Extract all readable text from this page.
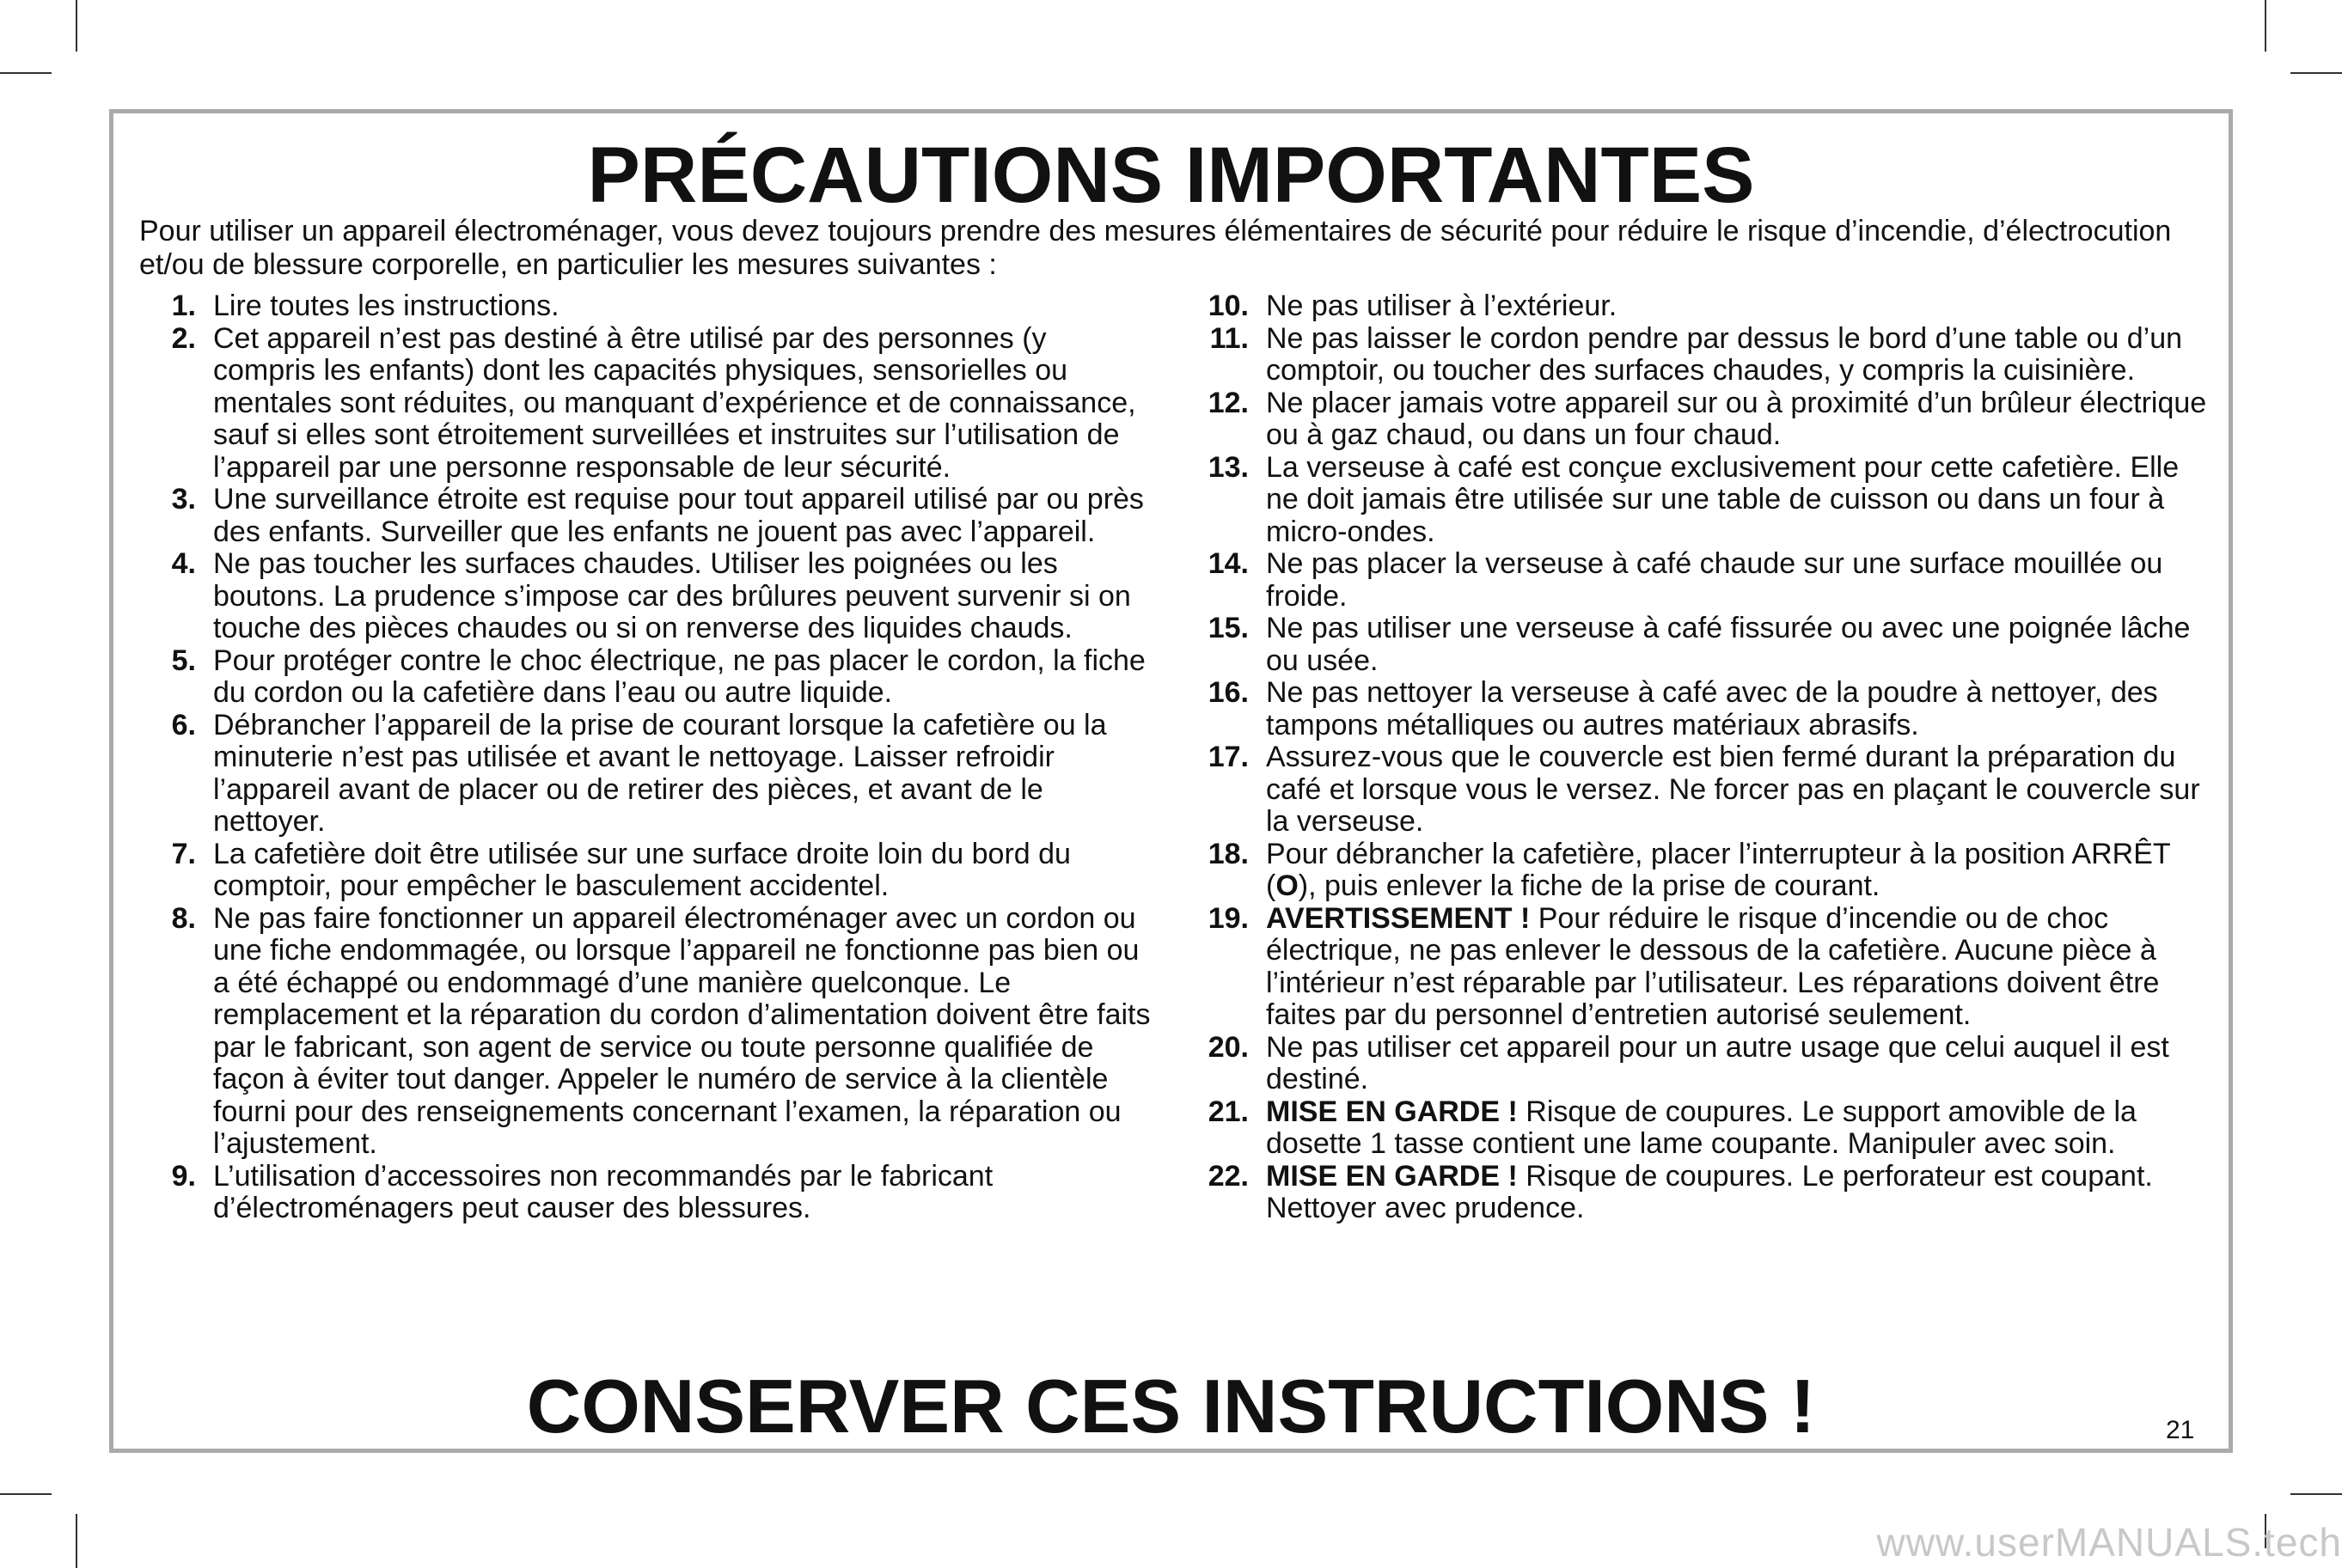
PRÉCAUTIONS IMPORTANTES

Pour utiliser un appareil électroménager, vous devez toujours prendre des mesures élémentaires de sécurité pour réduire le risque d’incendie, d’électrocution et/ou de blessure corporelle, en particulier les mesures suivantes :

1. Lire toutes les instructions.
2. Cet appareil n’est pas destiné à être utilisé par des personnes (y compris les enfants) dont les capacités physiques, sensorielles ou mentales sont réduites, ou manquant d’expérience et de connaissance, sauf si elles sont étroitement surveillées et instruites sur l’utilisation de l’appareil par une personne responsable de leur sécurité.
3. Une surveillance étroite est requise pour tout appareil utilisé par ou près des enfants. Surveiller que les enfants ne jouent pas avec l’appareil.
4. Ne pas toucher les surfaces chaudes. Utiliser les poignées ou les boutons. La prudence s’impose car des brûlures peuvent survenir si on touche des pièces chaudes ou si on renverse des liquides chauds.
5. Pour protéger contre le choc électrique, ne pas placer le cordon, la fiche du cordon ou la cafetière dans l’eau ou autre liquide.
6. Débrancher l’appareil de la prise de courant lorsque la cafetière ou la minuterie n’est pas utilisée et avant le nettoyage. Laisser refroidir l’appareil avant de placer ou de retirer des pièces, et avant de le nettoyer.
7. La cafetière doit être utilisée sur une surface droite loin du bord du comptoir, pour empêcher le basculement accidentel.
8. Ne pas faire fonctionner un appareil électroménager avec un cordon ou une fiche endommagée, ou lorsque l’appareil ne fonctionne pas bien ou a été échappé ou endommagé d’une manière quelconque. Le remplacement et la réparation du cordon d’alimentation doivent être faits par le fabricant, son agent de service ou toute personne qualifiée de façon à éviter tout danger. Appeler le numéro de service à la clientèle fourni pour des renseignements concernant l’examen, la réparation ou l’ajustement.
9. L’utilisation d’accessoires non recommandés par le fabricant d’électroménagers peut causer des blessures.
10. Ne pas utiliser à l’extérieur.
11. Ne pas laisser le cordon pendre par dessus le bord d’une table ou d’un comptoir, ou toucher des surfaces chaudes, y compris la cuisinière.
12. Ne placer jamais votre appareil sur ou à proximité d’un brûleur électrique ou à gaz chaud, ou dans un four chaud.
13. La verseuse à café est conçue exclusivement pour cette cafetière. Elle ne doit jamais être utilisée sur une table de cuisson ou dans un four à micro-ondes.
14. Ne pas placer la verseuse à café chaude sur une surface mouillée ou froide.
15. Ne pas utiliser une verseuse à café fissurée ou avec une poignée lâche ou usée.
16. Ne pas nettoyer la verseuse à café avec de la poudre à nettoyer, des tampons métalliques ou autres matériaux abrasifs.
17. Assurez-vous que le couvercle est bien fermé durant la préparation du café et lorsque vous le versez. Ne forcer pas en plaçant le couvercle sur la verseuse.
18. Pour débrancher la cafetière, placer l’interrupteur à la position ARRÊT (O), puis enlever la fiche de la prise de courant.
19. AVERTISSEMENT ! Pour réduire le risque d’incendie ou de choc électrique, ne pas enlever le dessous de la cafetière. Aucune pièce à l’intérieur n’est réparable par l’utilisateur. Les réparations doivent être faites par du personnel d’entretien autorisé seulement.
20. Ne pas utiliser cet appareil pour un autre usage que celui auquel il est destiné.
21. MISE EN GARDE ! Risque de coupures. Le support amovible de la dosette 1 tasse contient une lame coupante. Manipuler avec soin.
22. MISE EN GARDE ! Risque de coupures. Le perforateur est coupant. Nettoyer avec prudence.
CONSERVER CES INSTRUCTIONS !	21
www.userMANUALS.tech
